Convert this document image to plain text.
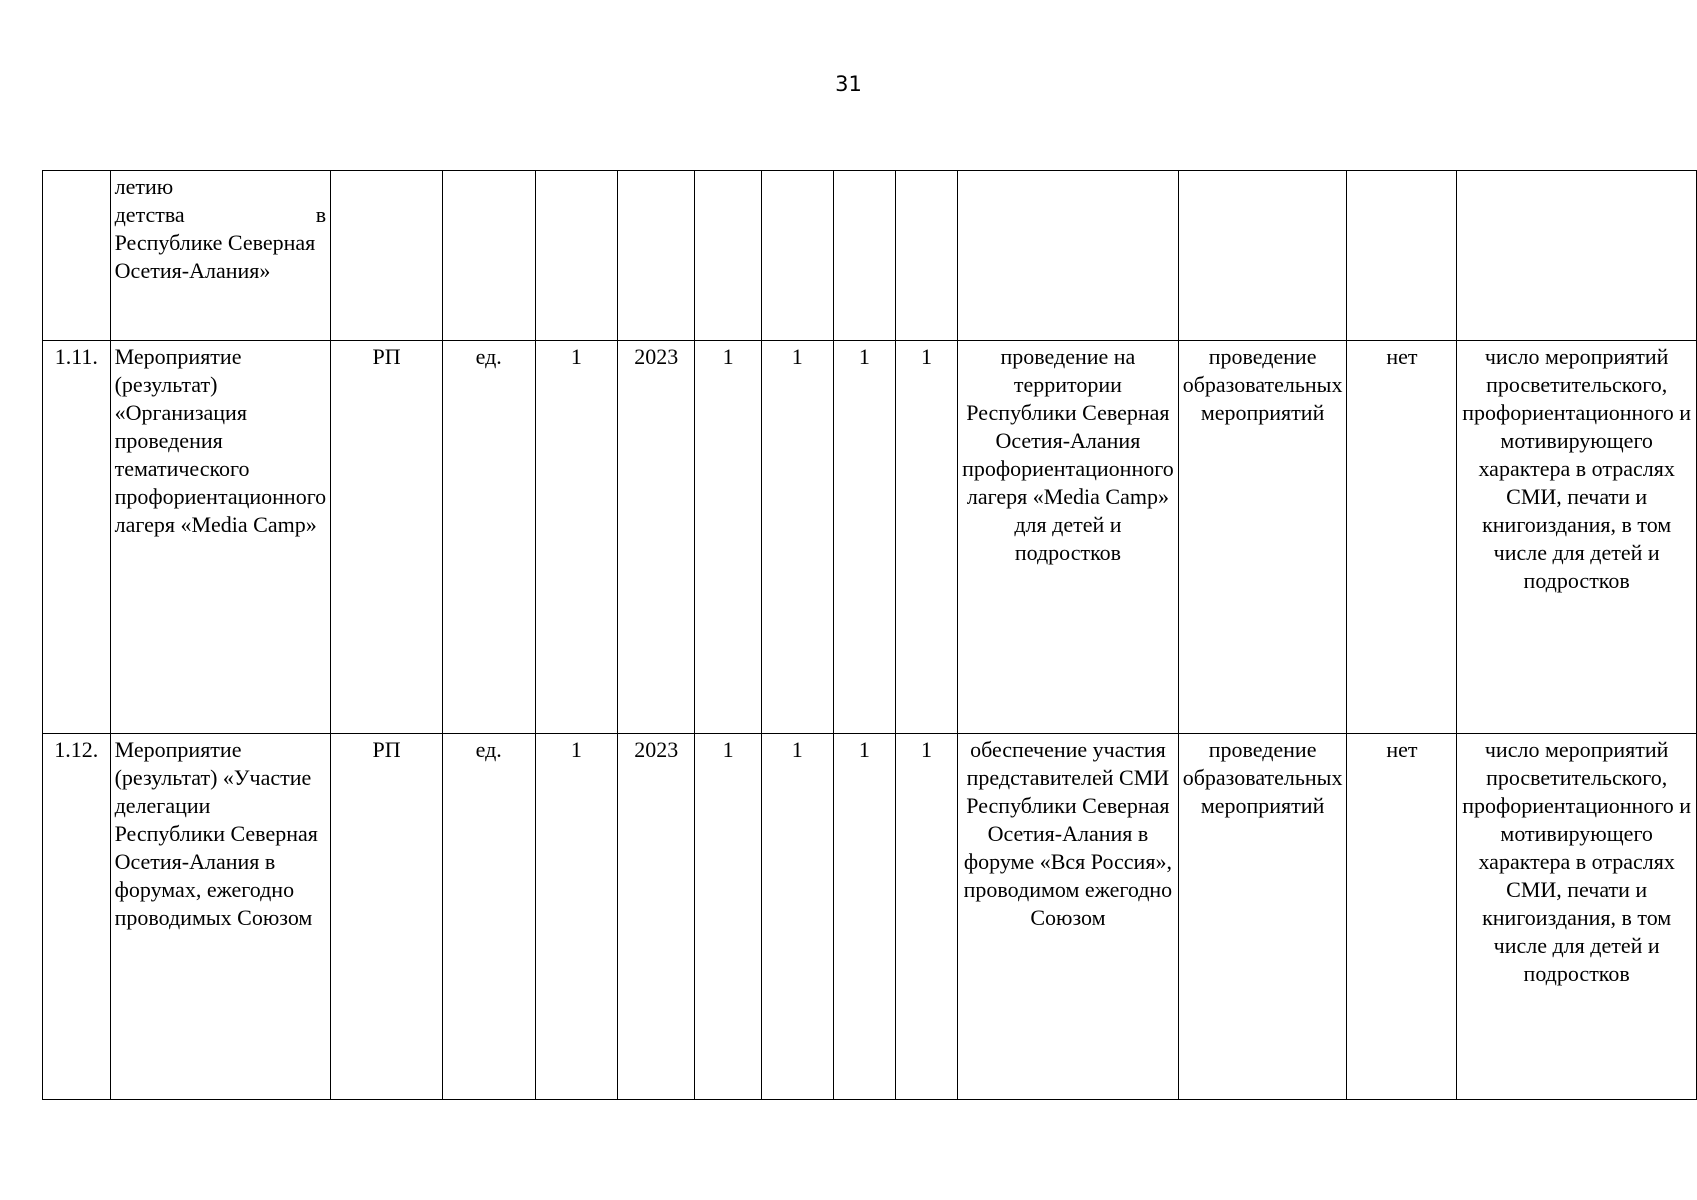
31

	летию
детства в
Республике Северная Осетия-Алания»												

1.11.	Мероприятие (результат) «Организация проведения тематического профориентационного лагеря «Media Camp»	РП	ед.	1	2023	1	1	1	1	проведение на территории Республики Северная Осетия-Алания профориентационного лагеря «Media Camp» для детей и подростков	проведение образовательных мероприятий	нет	число мероприятий просветительского, профориентационного и мотивирующего характера в отраслях СМИ, печати и книгоиздания, в том числе для детей и подростков
1.12.	Мероприятие (результат) «Участие делегации Республики Северная Осетия-Алания в форумах, ежегодно проводимых Союзом	РП	ед.	1	2023	1	1	1	1	обеспечение участия представителей СМИ Республики Северная Осетия-Алания в форуме «Вся Россия», проводимом ежегодно Союзом	проведение образовательных мероприятий	нет	число мероприятий просветительского, профориентационного и мотивирующего характера в отраслях СМИ, печати и книгоиздания, в том числе для детей и подростков
